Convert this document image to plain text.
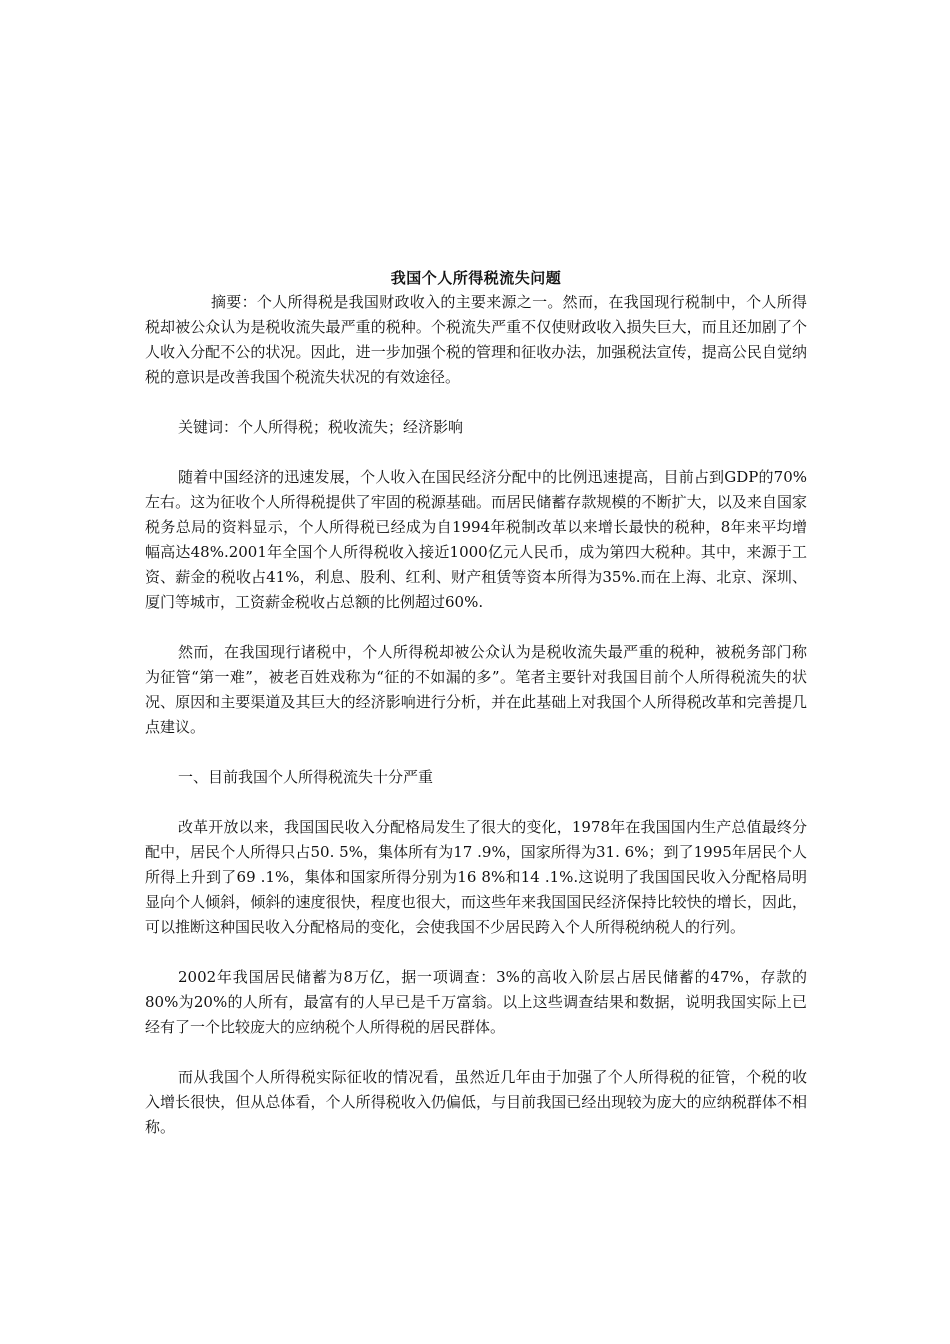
我国个人所得税流失问题

摘要：个人所得税是我国财政收入的主要来源之一。然而，在我国现行税制中，个人所得税却被公众认为是税收流失最严重的税种。个税流失严重不仅使财政收入损失巨大，而且还加剧了个人收入分配不公的状况。因此，进一步加强个税的管理和征收办法，加强税法宣传，提高公民自觉纳税的意识是改善我国个税流失状况的有效途径。

关键词：个人所得税；税收流失；经济影响

随着中国经济的迅速发展，个人收入在国民经济分配中的比例迅速提高，目前占到GDP的70%左右。这为征收个人所得税提供了牢固的税源基础。而居民储蓄存款规模的不断扩大，以及来自国家税务总局的资料显示，个人所得税已经成为自1994年税制改革以来增长最快的税种，8年来平均增幅高达48%.2001年全国个人所得税收入接近1000亿元人民币，成为第四大税种。其中，来源于工资、薪金的税收占41%，利息、股利、红利、财产租赁等资本所得为35%.而在上海、北京、深圳、厦门等城市，工资薪金税收占总额的比例超过60%.

然而，在我国现行诸税中，个人所得税却被公众认为是税收流失最严重的税种，被税务部门称为征管“第一难”，被老百姓戏称为“征的不如漏的多”。笔者主要针对我国目前个人所得税流失的状况、原因和主要渠道及其巨大的经济影响进行分析，并在此基础上对我国个人所得税改革和完善提几点建议。

一、目前我国个人所得税流失十分严重

改革开放以来，我国国民收入分配格局发生了很大的变化，1978年在我国国内生产总值最终分配中，居民个人所得只占50. 5%，集体所有为17 .9%，国家所得为31. 6%；到了1995年居民个人所得上升到了69 .1%，集体和国家所得分别为16 8%和14 .1%.这说明了我国国民收入分配格局明显向个人倾斜，倾斜的速度很快，程度也很大，而这些年来我国国民经济保持比较快的增长，因此，可以推断这种国民收入分配格局的变化，会使我国不少居民跨入个人所得税纳税人的行列。

2002年我国居民储蓄为8万亿，据一项调查：3%的高收入阶层占居民储蓄的47%，存款的80%为20%的人所有，最富有的人早已是千万富翁。以上这些调查结果和数据，说明我国实际上已经有了一个比较庞大的应纳税个人所得税的居民群体。

而从我国个人所得税实际征收的情况看，虽然近几年由于加强了个人所得税的征管，个税的收入增长很快，但从总体看，个人所得税收入仍偏低，与目前我国已经出现较为庞大的应纳税群体不相称。
